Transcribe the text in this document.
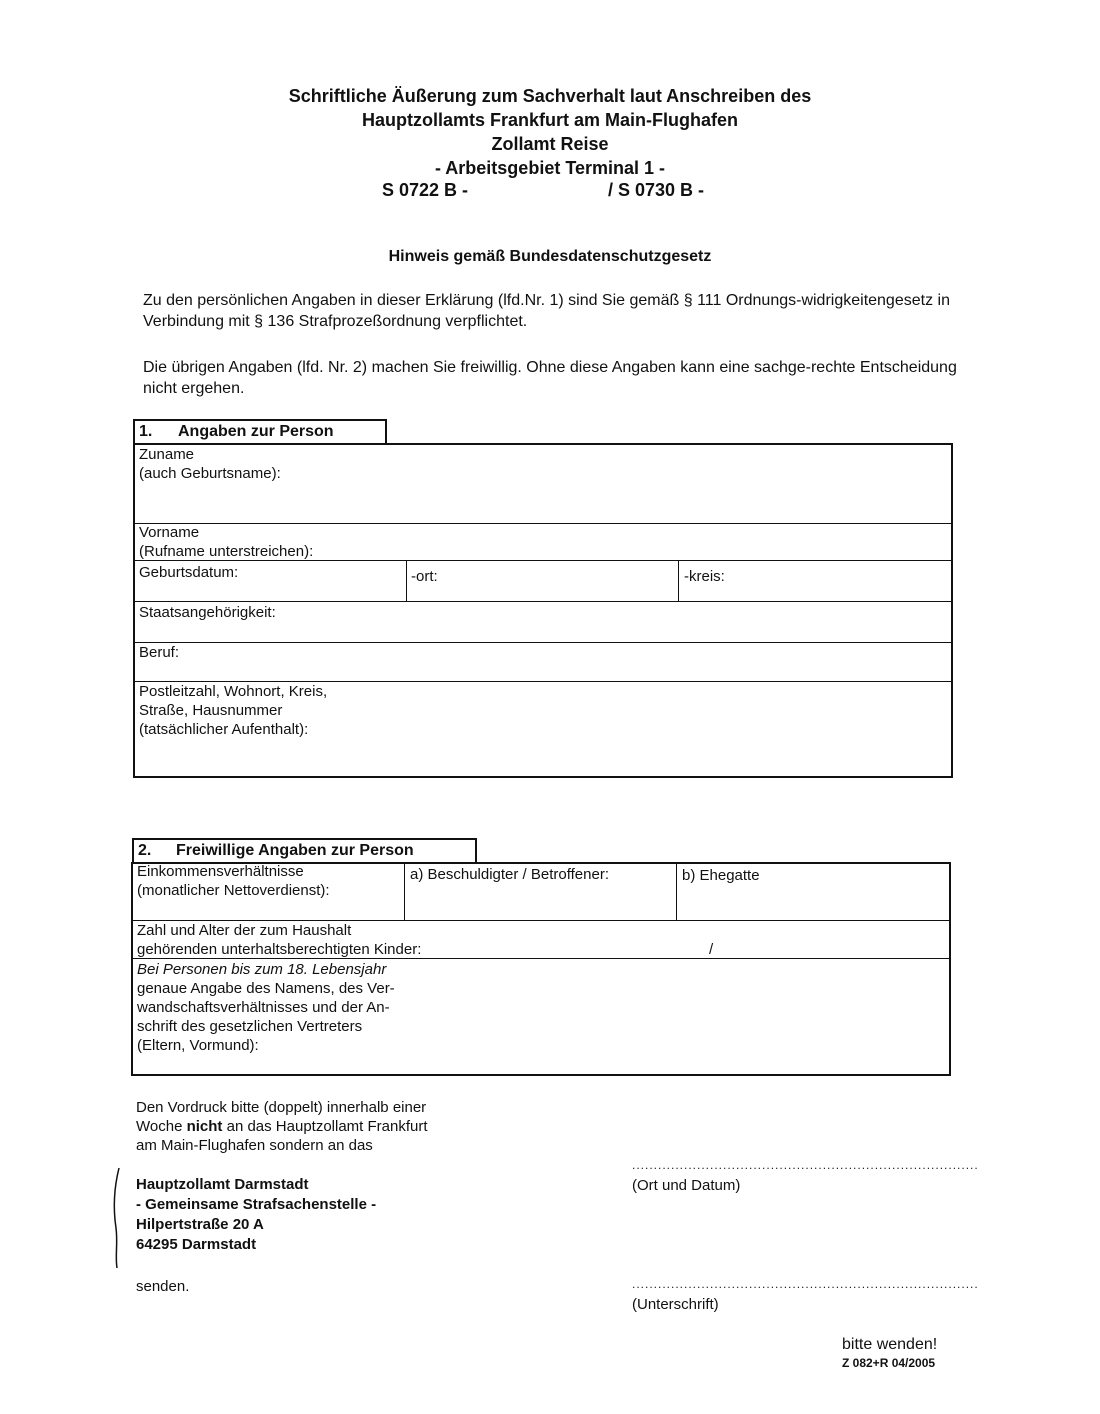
Schriftliche Äußerung zum Sachverhalt laut Anschreiben des
Hauptzollamts Frankfurt am Main-Flughafen
Zollamt Reise
- Arbeitsgebiet Terminal 1 -
S 0722 B -	/ S 0730 B -
Hinweis gemäß Bundesdatenschutzgesetz
Zu den persönlichen Angaben in dieser Erklärung (lfd.Nr. 1) sind Sie gemäß § 111 Ordnungs-widrigkeitengesetz in Verbindung mit § 136 Strafprozeßordnung verpflichtet.
Die übrigen Angaben (lfd. Nr. 2) machen Sie freiwillig. Ohne diese Angaben kann eine sachge-rechte Entscheidung nicht ergehen.
1. Angaben zur Person
Zuname
(auch Geburtsname):
Vorname
(Rufname unterstreichen):
Geburtsdatum:	-ort:	-kreis:
Staatsangehörigkeit:
Beruf:
Postleitzahl, Wohnort, Kreis,
Straße, Hausnummer
(tatsächlicher Aufenthalt):
2. Freiwillige Angaben zur Person
Einkommensverhältnisse
(monatlicher Nettoverdienst):
a) Beschuldigter / Betroffener:	b) Ehegatte
Zahl und Alter der zum Haushalt
gehörenden unterhaltsberechtigten Kinder:	/
Bei Personen bis zum 18. Lebensjahr
genaue Angabe des Namens, des Ver-
wandschaftsverhältnisses und der An-
schrift des gesetzlichen Vertreters
(Eltern, Vormund):
Den Vordruck bitte (doppelt) innerhalb einer
Woche nicht an das Hauptzollamt Frankfurt
am Main-Flughafen sondern an das
Hauptzollamt Darmstadt
- Gemeinsame Strafsachenstelle -
Hilpertstraße 20 A
64295 Darmstadt
senden.
................................................................................
(Ort und Datum)
................................................................................
(Unterschrift)
bitte wenden!
Z 082+R 04/2005
